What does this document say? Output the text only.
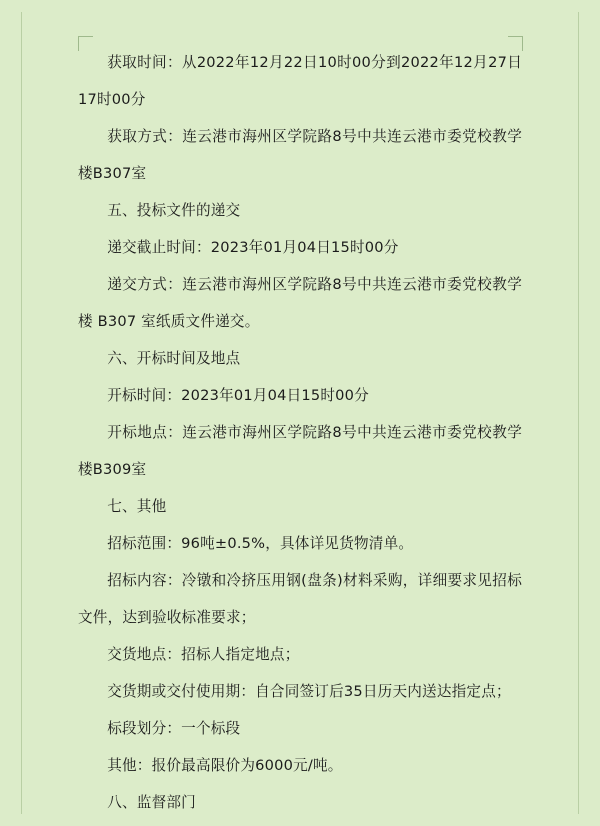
获取时间：从2022年12月22日10时00分到2022年12月27日17时00分

获取方式：连云港市海州区学院路8号中共连云港市委党校教学楼B307室

五、投标文件的递交

递交截止时间：2023年01月04日15时00分

递交方式：连云港市海州区学院路8号中共连云港市委党校教学楼 B307 室纸质文件递交。

六、开标时间及地点

开标时间：2023年01月04日15时00分

开标地点：连云港市海州区学院路8号中共连云港市委党校教学楼B309室

七、其他

招标范围：96吨±0.5%，具体详见货物清单。

招标内容：冷镦和冷挤压用钢(盘条)材料采购，详细要求见招标文件，达到验收标准要求；

交货地点：招标人指定地点；

交货期或交付使用期：自合同签订后35日历天内送达指定点；

标段划分：一个标段

其他：报价最高限价为6000元/吨。

八、监督部门
